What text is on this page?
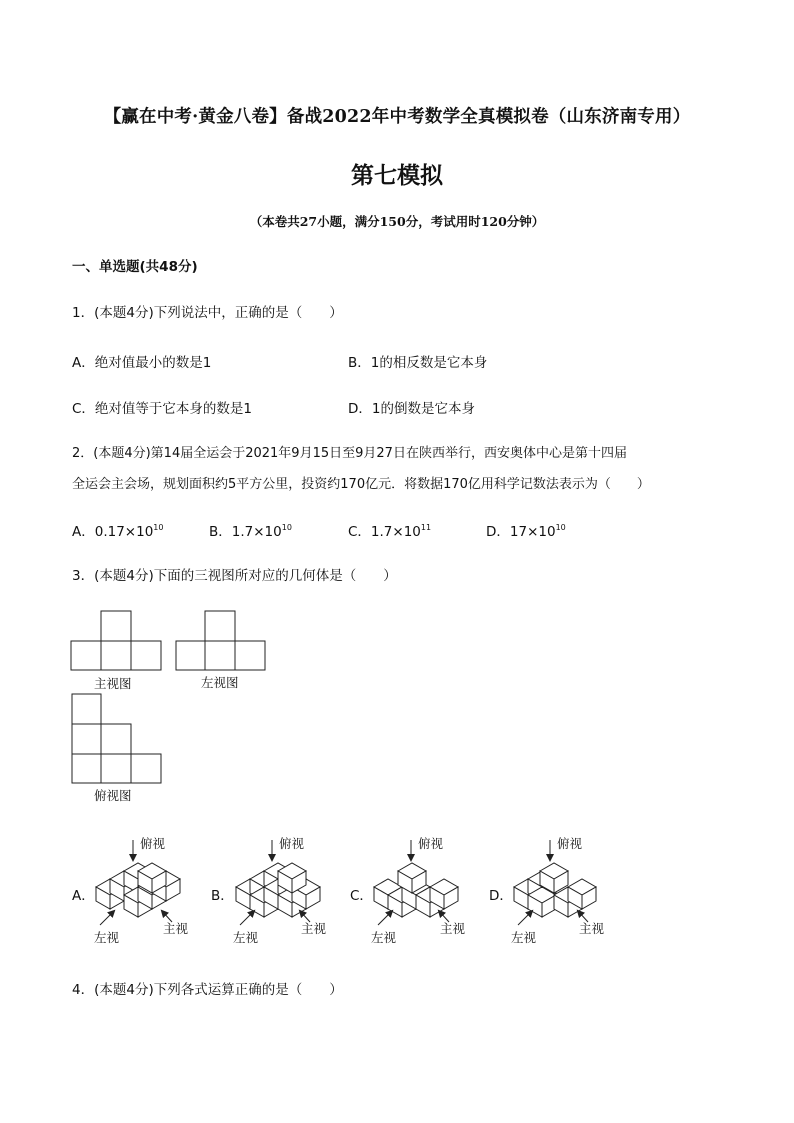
【赢在中考·黄金八卷】备战2022年中考数学全真模拟卷（山东济南专用）
第七模拟
（本卷共27小题，满分150分，考试用时120分钟）
一、单选题(共48分)
1．(本题4分)下列说法中，正确的是（　　）
A．绝对值最小的数是1	B．1的相反数是它本身
C．绝对值等于它本身的数是1	D．1的倒数是它本身
2．(本题4分)第14届全运会于2021年9月15日至9月27日在陕西举行，西安奥体中心是第十四届
全运会主会场，规划面积约5平方公里，投资约170亿元．将数据170亿用科学记数法表示为（　　）
A．$0.17\times 10^{10}$	B．$1.7\times 10^{10}$	C．$1.7\times 10^{11}$	D．$17\times 10^{10}$
3．(本题4分)下面的三视图所对应的几何体是（　　）
主视图	左视图
俯视图
A．	B．	C．	D．
俯视	俯视	俯视	俯视
左视	左视	左视	左视
主视	主视	主视	主视
4．(本题4分)下列各式运算正确的是（　　）
